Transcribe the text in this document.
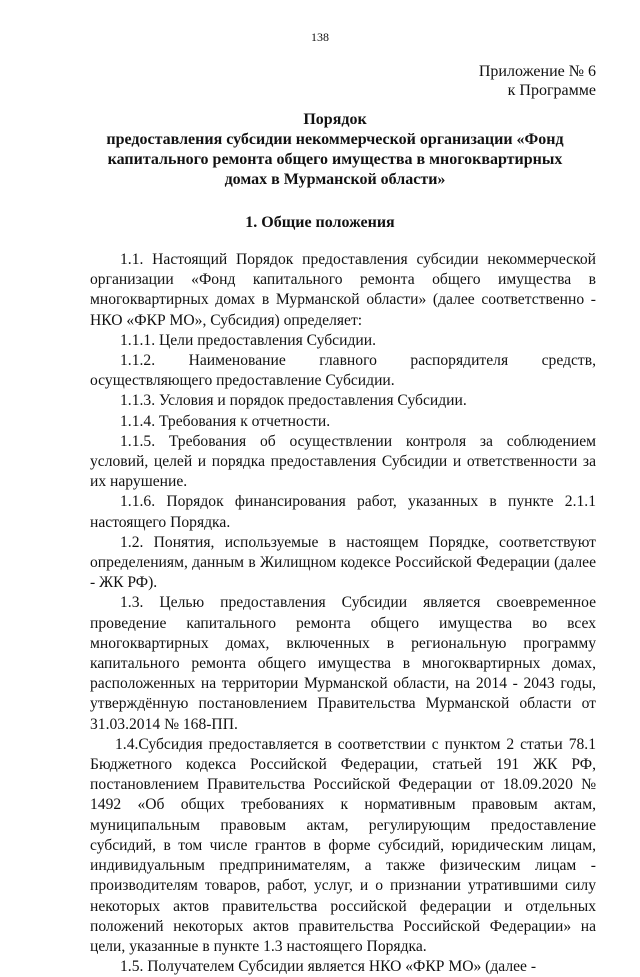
138
Приложение № 6
к Программе
Порядок
предоставления субсидии некоммерческой организации «Фонд
капитального ремонта общего имущества в многоквартирных
домах в Мурманской области»
1. Общие положения

1.1. Настоящий Порядок предоставления субсидии некоммерческой организации «Фонд капитального ремонта общего имущества в многоквартирных домах в Мурманской области» (далее соответственно - НКО «ФКР МО», Субсидия) определяет:

1.1.1. Цели предоставления Субсидии.

1.1.2. Наименование главного распорядителя средств, осуществляющего предоставление Субсидии.

1.1.3. Условия и порядок предоставления Субсидии.

1.1.4. Требования к отчетности.

1.1.5. Требования об осуществлении контроля за соблюдением условий, целей и порядка предоставления Субсидии и ответственности за их нарушение.

1.1.6. Порядок финансирования работ, указанных в пункте 2.1.1 настоящего Порядка.

1.2. Понятия, используемые в настоящем Порядке, соответствуют определениям, данным в Жилищном кодексе Российской Федерации (далее - ЖК РФ).

1.3. Целью предоставления Субсидии является своевременное проведение капитального ремонта общего имущества во всех многоквартирных домах, включенных в региональную программу капитального ремонта общего имущества в многоквартирных домах, расположенных на территории Мурманской области, на 2014 - 2043 годы, утверждённую постановлением Правительства Мурманской области от 31.03.2014 № 168-ПП.

1.4.Субсидия предоставляется в соответствии с пунктом 2 статьи 78.1 Бюджетного кодекса Российской Федерации, статьей 191 ЖК РФ, постановлением Правительства Российской Федерации от 18.09.2020 № 1492 «Об общих требованиях к нормативным правовым актам, муниципальным правовым актам, регулирующим предоставление субсидий, в том числе грантов в форме субсидий, юридическим лицам, индивидуальным предпринимателям, а также физическим лицам - производителям товаров, работ, услуг, и о признании утратившими силу некоторых актов правительства российской федерации и отдельных положений некоторых актов правительства Российской Федерации» на цели, указанные в пункте 1.3 настоящего Порядка.

1.5. Получателем Субсидии является НКО «ФКР МО» (далее -
